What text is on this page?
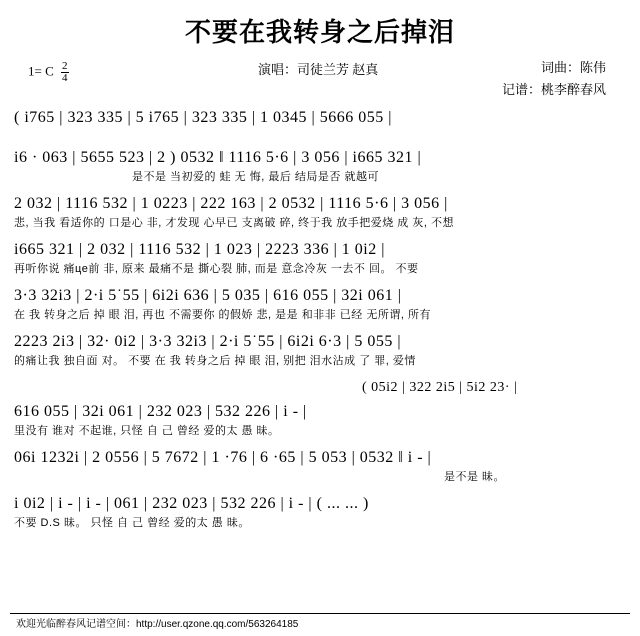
不要在我转身之后掉泪
1= C $\frac{2}{4}$	演唱：司徒兰芳 赵真	词曲：陈伟
记谱：桃李醉春风
( i765 | 323 335 | 5 i765 | 323 335 | 1 0345 | 5666 055 |
i6 · 063 | 5655 523 | 2 ) 0532 ‖ 1116 5·6 | 3 056 | i665 321 |
是不是 当初爱的 蛙 无 悔, 最后 结局是否 就越可
2 032 | 1116 532 | 1 0223 | 222 163 | 2 0532 | 1116 5·6 | 3 056 |
悲, 当我 看适你的 口是心 非, 才发现 心早已 支离破 碎, 终于我 放手把爱烧 成 灰, 不想
i665 321 | 2 032 | 1116 532 | 1 023 | 2223 336 | 1 0i2 |
再听你说 痛це前 非, 原来 最痛不是 撕心裂 肺, 而是 意念冷灰 一去不 回。 不要
3·3 32i3 | 2·i 5˙55 | 6i2i 636 | 5 035 | 616 055 | 32i 061 |
在 我 转身之后 掉 眼 泪, 再也 不需要你 的假娇 悲, 是是 和非非 已经 无所谓, 所有
2223 2i3 | 32· 0i2 | 3·3 32i3 | 2·i 5˙55 | 6i2i 6·3 | 5 055 |
的痛让我 独自面 对。 不要 在 我 转身之后 掉 眼 泪, 别把 泪水沾成 了 罪, 爱情
( 05i2 | 322 2i5 | 5i2 23· |
616 055 | 32i 061 | 232 023 | 532 226 | i - |
里没有 谁对 不起谁, 只怪 自 己 曾经 爱的太 愚 昧。
06i 1232i | 2 0556 | 5 7672 | 1 ·76 | 6 ·65 | 5 053 | 0532 ‖ i - |
是不是 昧。
i 0i2 | i - | i - | 061 | 232 023 | 532 226 | i - | ( ... ... )
不要 D.S 昧。 只怪 自 己 曾经 爱的太 愚 昧。
欢迎光临醉春风记谱空间：http://user.qzone.qq.com/563264185
